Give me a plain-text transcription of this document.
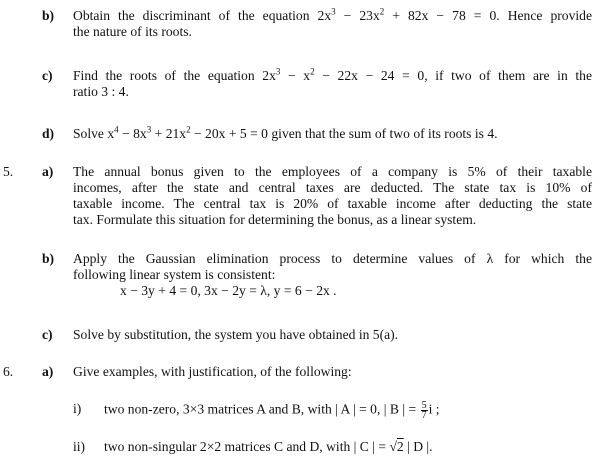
b) Obtain the discriminant of the equation $2x^3 - 23x^2 + 82x - 78 = 0$. Hence provide
the nature of its roots.
c) Find the roots of the equation $2x^3 - x^2 - 22x - 24 = 0$, if two of them are in the
ratio 3 : 4.
d) Solve $x^4 - 8x^3 + 21x^2 - 20x + 5 = 0$ given that the sum of two of its roots is 4.
5. a) The annual bonus given to the employees of a company is 5% of their taxable
incomes, after the state and central taxes are deducted. The state tax is 10% of
taxable income. The central tax is 20% of taxable income after deducting the state
tax. Formulate this situation for determining the bonus, as a linear system.
b) Apply the Gaussian elimination process to determine values of λ for which the
following linear system is consistent:
x − 3y + 4 = 0, 3x − 2y = λ, y = 6 − 2x .
c) Solve by substitution, the system you have obtained in 5(a).
6. a) Give examples, with justification, of the following:
i) two non-zero, 3×3 matrices A and B, with | A | = 0, | B | = $\frac{5}{7}$ i ;
ii) two non-singular 2×2 matrices C and D, with | C | = √2 | D |.
